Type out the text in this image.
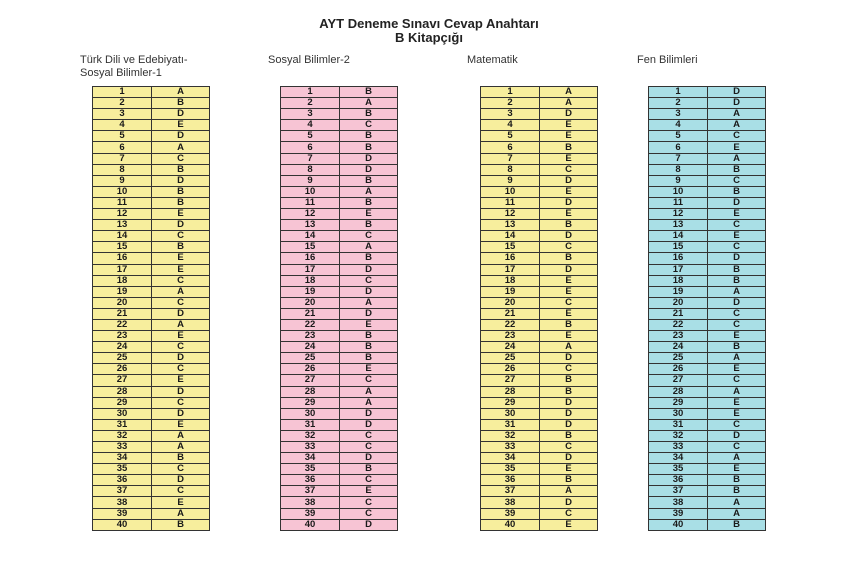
AYT Deneme Sınavı Cevap Anahtarı
B Kitapçığı
Türk Dili ve Edebiyatı-
Sosyal Bilimler-1
Sosyal Bilimler-2	Matematik	Fen Bilimleri
1	A
2	B
3	D
4	E
5	D
6	A
7	C
8	B
9	D
10	B
11	B
12	E
13	D
14	C
15	B
16	E
17	E
18	C
19	A
20	C
21	D
22	A
23	E
24	C
25	D
26	C
27	E
28	D
29	C
30	D
31	E
32	A
33	A
34	B
35	C
36	D
37	C
38	E
39	A
40	B
1	B
2	A
3	B
4	C
5	B
6	B
7	D
8	D
9	B
10	A
11	B
12	E
13	B
14	C
15	A
16	B
17	D
18	C
19	D
20	A
21	D
22	E
23	B
24	B
25	B
26	E
27	C
28	A
29	A
30	D
31	D
32	C
33	C
34	D
35	B
36	C
37	E
38	C
39	C
40	D
1	A
2	A
3	D
4	E
5	E
6	B
7	E
8	C
9	D
10	E
11	D
12	E
13	B
14	D
15	C
16	B
17	D
18	E
19	E
20	C
21	E
22	B
23	E
24	A
25	D
26	C
27	B
28	B
29	D
30	D
31	D
32	B
33	C
34	D
35	E
36	B
37	A
38	D
39	C
40	E
1	D
2	D
3	A
4	A
5	C
6	E
7	A
8	B
9	C
10	B
11	D
12	E
13	C
14	E
15	C
16	D
17	B
18	B
19	A
20	D
21	C
22	C
23	E
24	B
25	A
26	E
27	C
28	A
29	E
30	E
31	C
32	D
33	C
34	A
35	E
36	B
37	B
38	A
39	A
40	B
